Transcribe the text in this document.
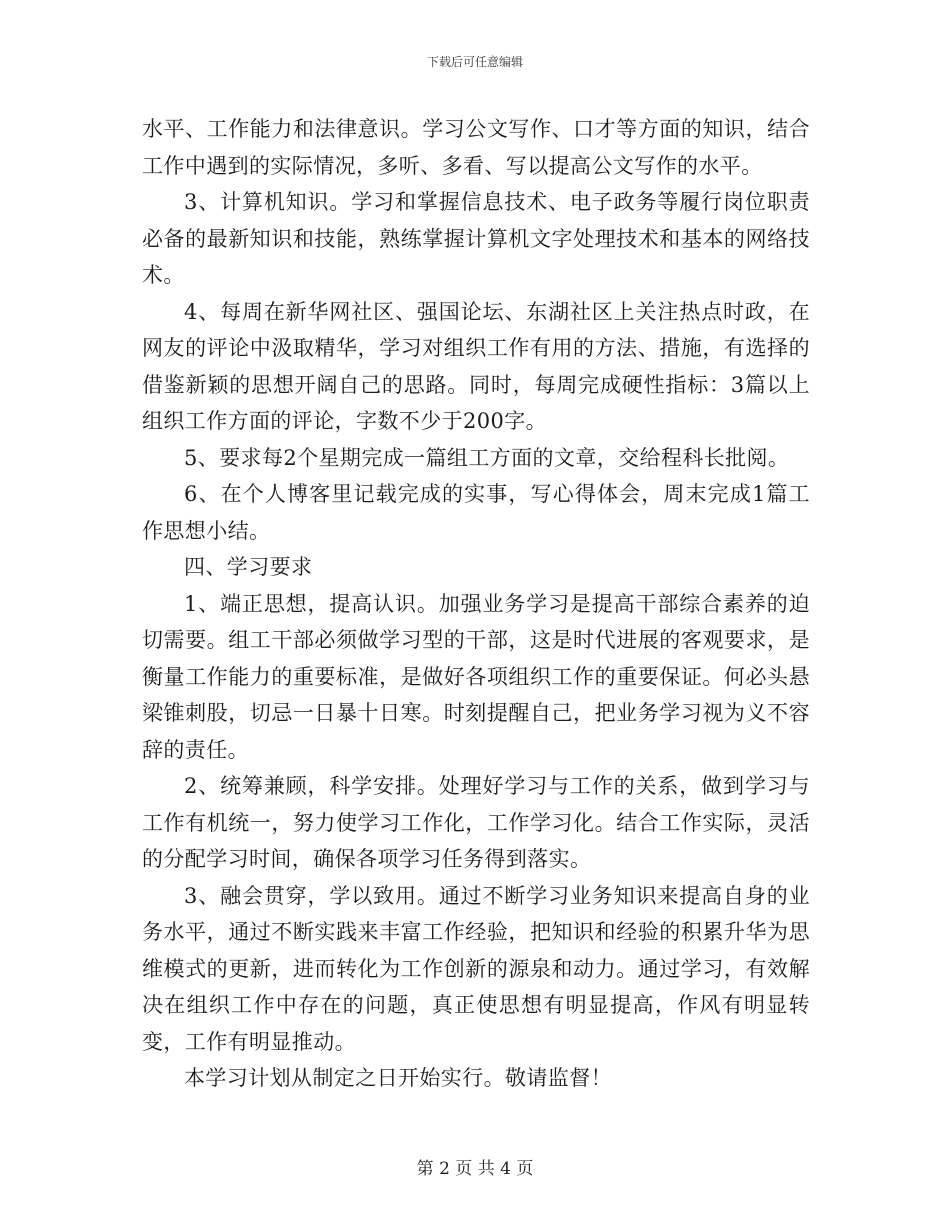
下载后可任意编辑

水平、工作能力和法律意识。学习公文写作、口才等方面的知识，结合工作中遇到的实际情况，多听、多看、写以提高公文写作的水平。

3、计算机知识。学习和掌握信息技术、电子政务等履行岗位职责必备的最新知识和技能，熟练掌握计算机文字处理技术和基本的网络技术。

4、每周在新华网社区、强国论坛、东湖社区上关注热点时政，在网友的评论中汲取精华，学习对组织工作有用的方法、措施，有选择的借鉴新颖的思想开阔自己的思路。同时，每周完成硬性指标：3篇以上组织工作方面的评论，字数不少于200字。

5、要求每2个星期完成一篇组工方面的文章，交给程科长批阅。

6、在个人博客里记载完成的实事，写心得体会，周末完成1篇工作思想小结。

四、学习要求

1、端正思想，提高认识。加强业务学习是提高干部综合素养的迫切需要。组工干部必须做学习型的干部，这是时代进展的客观要求，是衡量工作能力的重要标准，是做好各项组织工作的重要保证。何必头悬梁锥刺股，切忌一日暴十日寒。时刻提醒自己，把业务学习视为义不容辞的责任。

2、统筹兼顾，科学安排。处理好学习与工作的关系，做到学习与工作有机统一，努力使学习工作化，工作学习化。结合工作实际，灵活的分配学习时间，确保各项学习任务得到落实。

3、融会贯穿，学以致用。通过不断学习业务知识来提高自身的业务水平，通过不断实践来丰富工作经验，把知识和经验的积累升华为思维模式的更新，进而转化为工作创新的源泉和动力。通过学习，有效解决在组织工作中存在的问题，真正使思想有明显提高，作风有明显转变，工作有明显推动。

本学习计划从制定之日开始实行。敬请监督！

第 2 页 共 4 页
